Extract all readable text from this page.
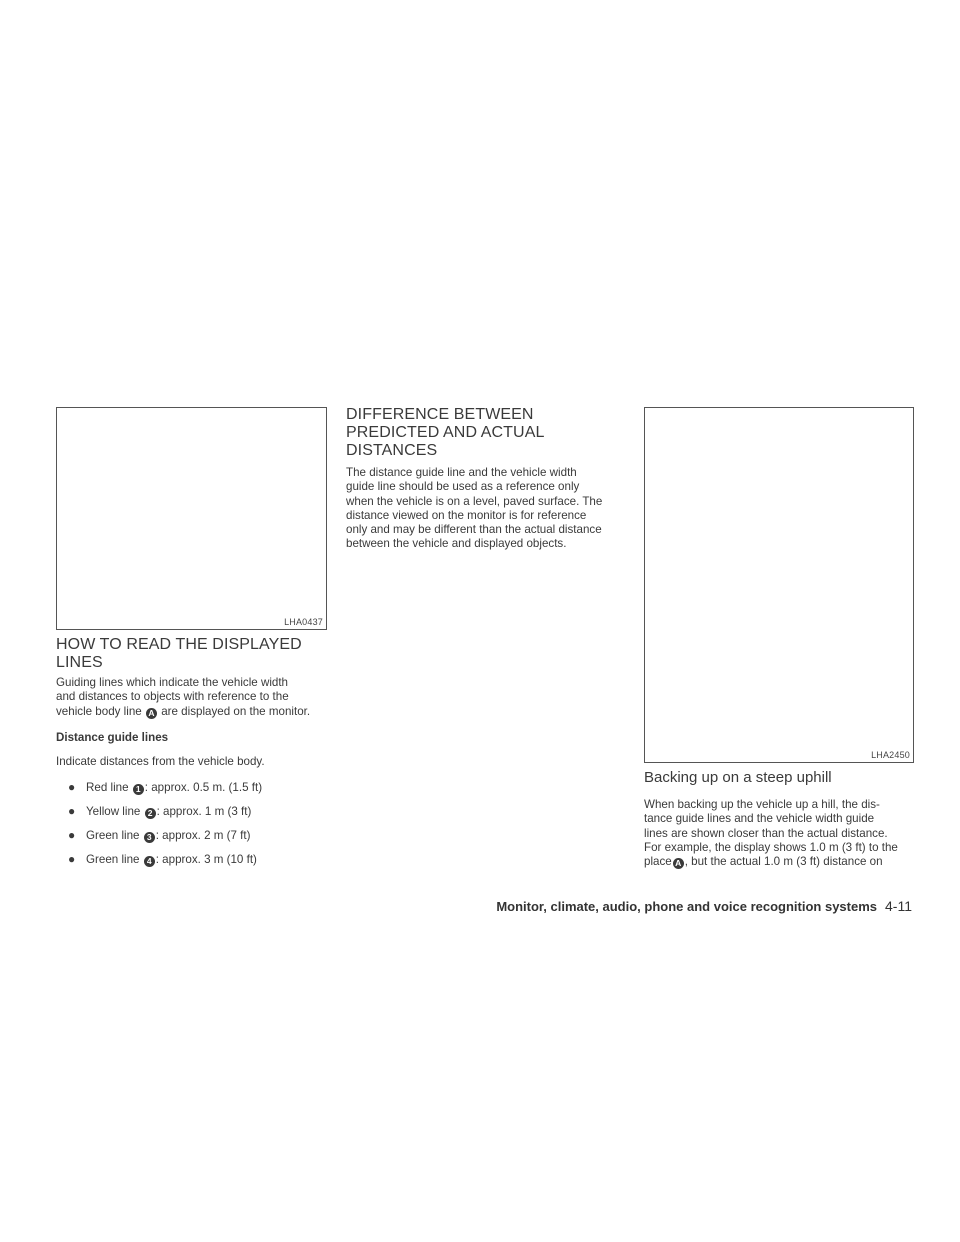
LHA0437
HOW TO READ THE DISPLAYED
LINES

Guiding lines which indicate the vehicle width
and distances to objects with reference to the
vehicle body line A are displayed on the monitor.

Distance guide lines
Indicate distances from the vehicle body.
● Red line 1 : approx. 0.5 m. (1.5 ft)
● Yellow line 2 : approx. 1 m (3 ft)
● Green line 3 : approx. 2 m (7 ft)
● Green line 4 : approx. 3 m (10 ft)
DIFFERENCE BETWEEN
PREDICTED AND ACTUAL
DISTANCES

The distance guide line and the vehicle width
guide line should be used as a reference only
when the vehicle is on a level, paved surface. The
distance viewed on the monitor is for reference
only and may be different than the actual distance
between the vehicle and displayed objects.

LHA2450
Backing up on a steep uphill

When backing up the vehicle up a hill, the dis-
tance guide lines and the vehicle width guide
lines are shown closer than the actual distance.
For example, the display shows 1.0 m (3 ft) to the
place A , but the actual 1.0 m (3 ft) distance on

Monitor, climate, audio, phone and voice recognition systems 4-11
